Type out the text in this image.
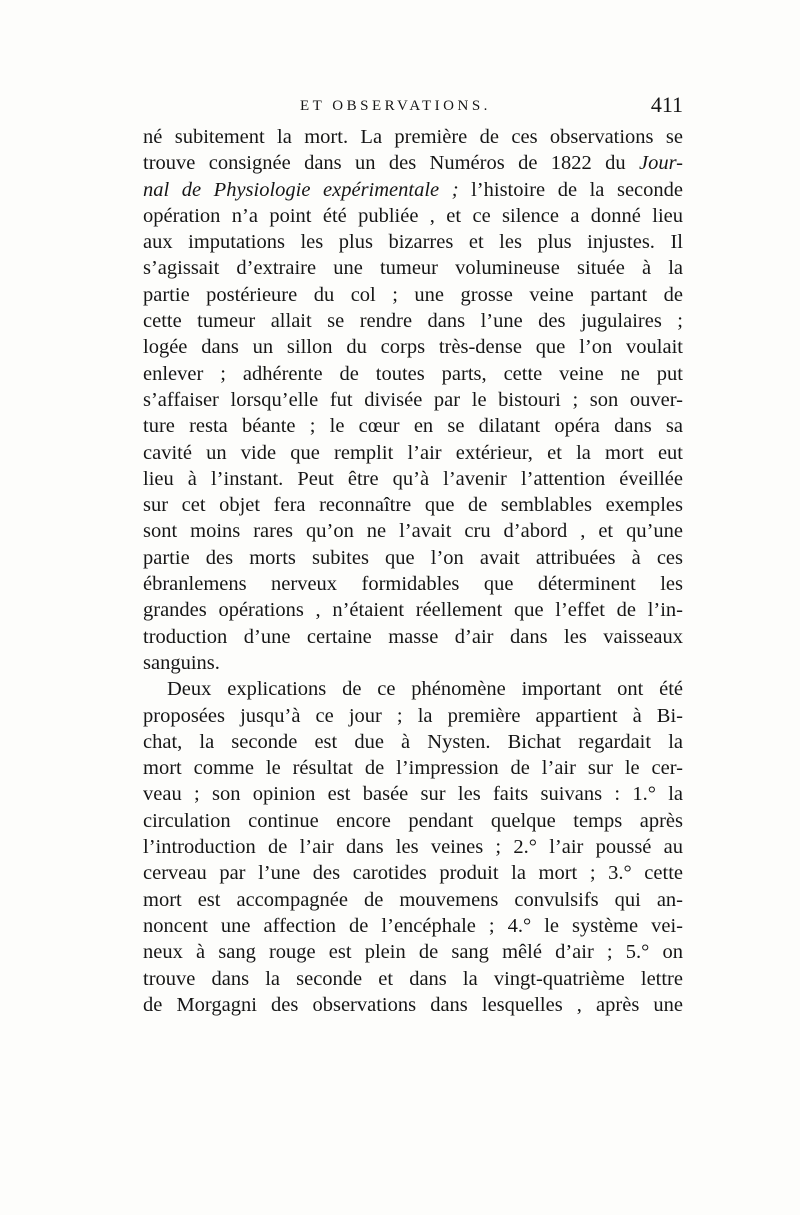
ET OBSERVATIONS.	411

né subitement la mort. La première de ces observations se
trouve consignée dans un des Numéros de 1822 du Jour-
nal de Physiologie expérimentale ; l’histoire de la seconde
opération n’a point été publiée , et ce silence a donné lieu
aux imputations les plus bizarres et les plus injustes. Il
s’agissait d’extraire une tumeur volumineuse située à la
partie postérieure du col ; une grosse veine partant de
cette tumeur allait se rendre dans l’une des jugulaires ;
logée dans un sillon du corps très-dense que l’on voulait
enlever ; adhérente de toutes parts, cette veine ne put
s’affaiser lorsqu’elle fut divisée par le bistouri ; son ouver-
ture resta béante ; le cœur en se dilatant opéra dans sa
cavité un vide que remplit l’air extérieur, et la mort eut
lieu à l’instant. Peut être qu’à l’avenir l’attention éveillée
sur cet objet fera reconnaître que de semblables exemples
sont moins rares qu’on ne l’avait cru d’abord , et qu’une
partie des morts subites que l’on avait attribuées à ces
ébranlemens nerveux formidables que déterminent les
grandes opérations , n’étaient réellement que l’effet de l’in-
troduction d’une certaine masse d’air dans les vaisseaux
sanguins.

Deux explications de ce phénomène important ont été
proposées jusqu’à ce jour ; la première appartient à Bi-
chat, la seconde est due à Nysten. Bichat regardait la
mort comme le résultat de l’impression de l’air sur le cer-
veau ; son opinion est basée sur les faits suivans : 1.° la
circulation continue encore pendant quelque temps après
l’introduction de l’air dans les veines ; 2.° l’air poussé au
cerveau par l’une des carotides produit la mort ; 3.° cette
mort est accompagnée de mouvemens convulsifs qui an-
noncent une affection de l’encéphale ; 4.° le système vei-
neux à sang rouge est plein de sang mêlé d’air ; 5.° on
trouve dans la seconde et dans la vingt-quatrième lettre
de Morgagni des observations dans lesquelles , après une
